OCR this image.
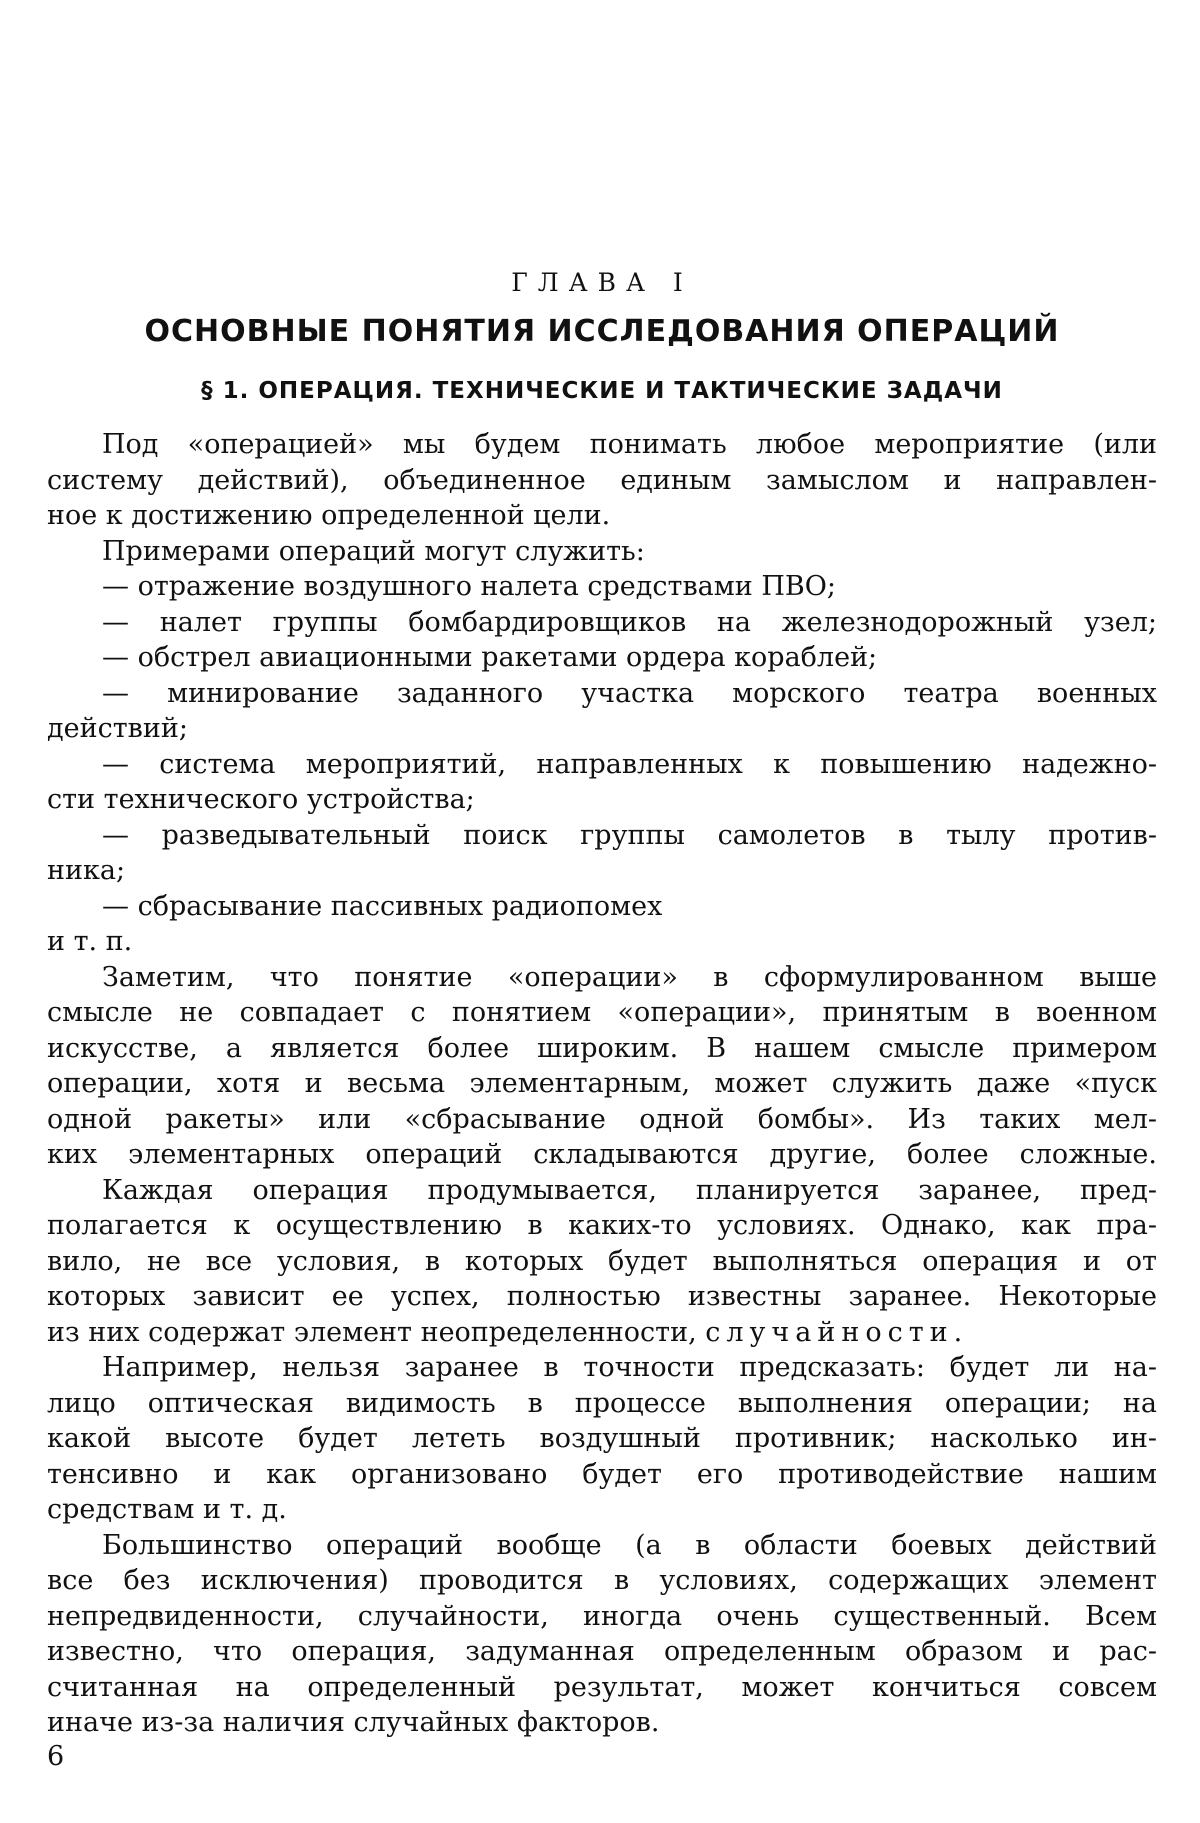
ГЛАВА I
ОСНОВНЫЕ ПОНЯТИЯ ИССЛЕДОВАНИЯ ОПЕРАЦИЙ
§ 1. ОПЕРАЦИЯ. ТЕХНИЧЕСКИЕ И ТАКТИЧЕСКИЕ ЗАДАЧИ
Под «операцией» мы будем понимать любое мероприятие (или
систему действий), объединенное единым замыслом и направлен-
ное к достижению определенной цели.
Примерами операций могут служить:
— отражение воздушного налета средствами ПВО;
— налет группы бомбардировщиков на железнодорожный узел;
— обстрел авиационными ракетами ордера кораблей;
— минирование заданного участка морского театра военных
действий;
— система мероприятий, направленных к повышению надежно-
сти технического устройства;
— разведывательный поиск группы самолетов в тылу против-
ника;
— сбрасывание пассивных радиопомех
и т. п.
Заметим, что понятие «операции» в сформулированном выше
смысле не совпадает с понятием «операции», принятым в военном
искусстве, а является более широким. В нашем смысле примером
операции, хотя и весьма элементарным, может служить даже «пуск
одной ракеты» или «сбрасывание одной бомбы». Из таких мел-
ких элементарных операций складываются другие, более сложные.
Каждая операция продумывается, планируется заранее, пред-
полагается к осуществлению в каких-то условиях. Однако, как пра-
вило, не все условия, в которых будет выполняться операция и от
которых зависит ее успех, полностью известны заранее. Некоторые
из них содержат элемент неопределенности, случайности.
Например, нельзя заранее в точности предсказать: будет ли на-
лицо оптическая видимость в процессе выполнения операции; на
какой высоте будет лететь воздушный противник; насколько ин-
тенсивно и как организовано будет его противодействие нашим
средствам и т. д.
Большинство операций вообще (а в области боевых действий
все без исключения) проводится в условиях, содержащих элемент
непредвиденности, случайности, иногда очень существенный. Всем
известно, что операция, задуманная определенным образом и рас-
считанная на определенный результат, может кончиться совсем
иначе из-за наличия случайных факторов.
6
